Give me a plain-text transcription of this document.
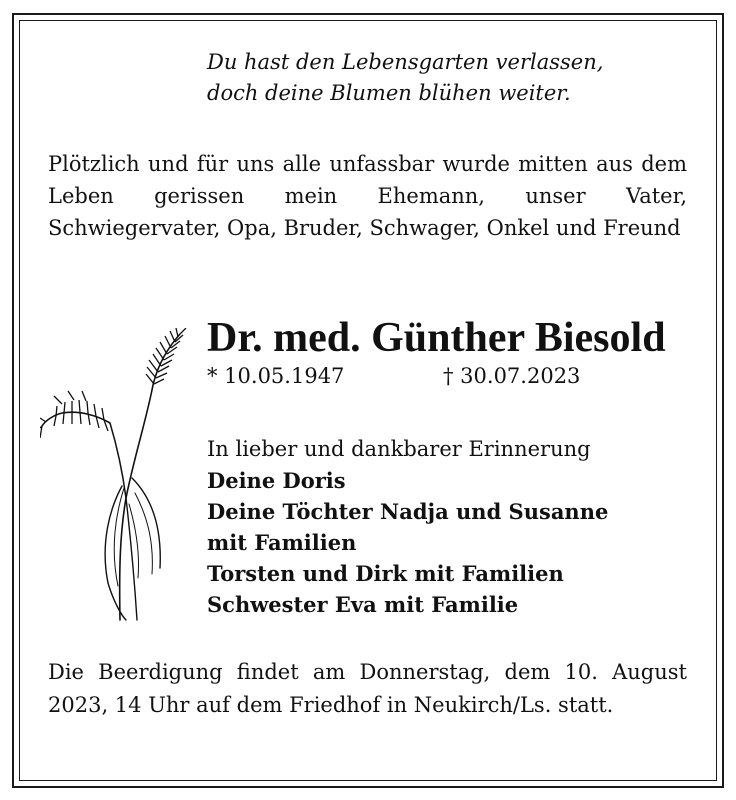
Du hast den Lebensgarten verlassen,
doch deine Blumen blühen weiter.
Plötzlich und für uns alle unfassbar wurde mitten aus dem Leben gerissen mein Ehemann, unser Vater, Schwiegervater, Opa, Bruder, Schwager, Onkel und Freund
Dr. med. Günther Biesold
* 10.05.1947	† 30.07.2023
In lieber und dankbarer Erinnerung
Deine Doris
Deine Töchter Nadja und Susanne
mit Familien
Torsten und Dirk mit Familien
Schwester Eva mit Familie
Die Beerdigung findet am Donnerstag, dem 10. August 2023, 14 Uhr auf dem Friedhof in Neukirch/Ls. statt.
